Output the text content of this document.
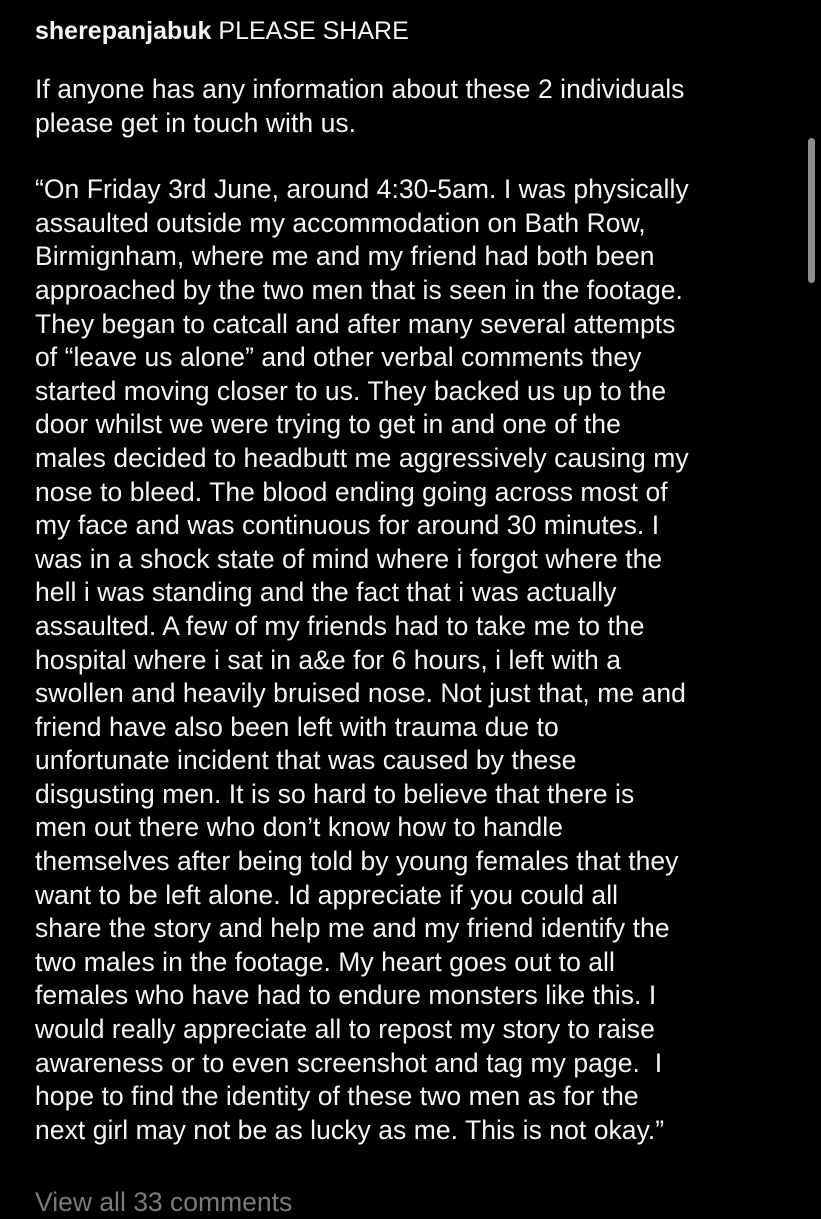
sherepanjabuk PLEASE SHARE

If anyone has any information about these 2 individuals
please get in touch with us.

“On Friday 3rd June, around 4:30-5am. I was physically
assaulted outside my accommodation on Bath Row,
Birmignham, where me and my friend had both been
approached by the two men that is seen in the footage.
They began to catcall and after many several attempts
of “leave us alone” and other verbal comments they
started moving closer to us. They backed us up to the
door whilst we were trying to get in and one of the
males decided to headbutt me aggressively causing my
nose to bleed. The blood ending going across most of
my face and was continuous for around 30 minutes. I
was in a shock state of mind where i forgot where the
hell i was standing and the fact that i was actually
assaulted. A few of my friends had to take me to the
hospital where i sat in a&e for 6 hours, i left with a
swollen and heavily bruised nose. Not just that, me and
friend have also been left with trauma due to
unfortunate incident that was caused by these
disgusting men. It is so hard to believe that there is
men out there who don’t know how to handle
themselves after being told by young females that they
want to be left alone. Id appreciate if you could all
share the story and help me and my friend identify the
two males in the footage. My heart goes out to all
females who have had to endure monsters like this. I
would really appreciate all to repost my story to raise
awareness or to even screenshot and tag my page.  I
hope to find the identity of these two men as for the
next girl may not be as lucky as me. This is not okay.”

View all 33 comments
